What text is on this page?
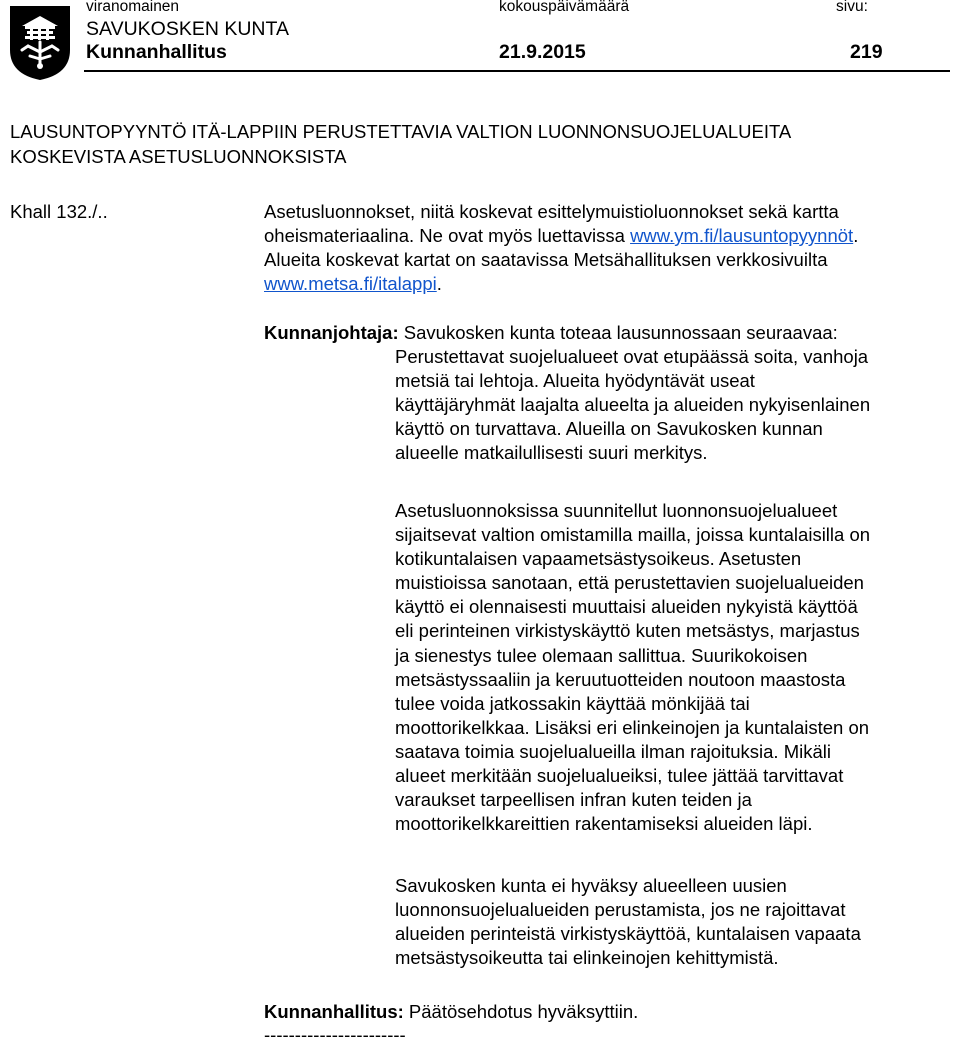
viranomainen	kokouspäivämäärä	sivu:
SAVUKOSKEN KUNTA
Kunnanhallitus	21.9.2015	219
LAUSUNTOPYYNTÖ ITÄ-LAPPIIN PERUSTETTAVIA VALTION LUONNONSUOJELUALUEITA
KOSKEVISTA ASETUSLUONNOKSISTA
Khall 132./..	Asetusluonnokset, niitä koskevat esittelymuistioluonnokset sekä kartta
oheismateriaalina. Ne ovat myös luettavissa www.ym.fi/lausuntopyynnöt.
Alueita koskevat kartat on saatavissa Metsähallituksen verkkosivuilta
www.metsa.fi/italappi.
Kunnanjohtaja: Savukosken kunta toteaa lausunnossaan seuraavaa:
Perustettavat suojelualueet ovat etupäässä soita, vanhoja
metsiä tai lehtoja. Alueita hyödyntävät useat
käyttäjäryhmät laajalta alueelta ja alueiden nykyisenlainen
käyttö on turvattava. Alueilla on Savukosken kunnan
alueelle matkailullisesti suuri merkitys.
Asetusluonnoksissa suunnitellut luonnonsuojelualueet
sijaitsevat valtion omistamilla mailla, joissa kuntalaisilla on
kotikuntalaisen vapaametsästysoikeus. Asetusten
muistioissa sanotaan, että perustettavien suojelualueiden
käyttö ei olennaisesti muuttaisi alueiden nykyistä käyttöä
eli perinteinen virkistyskäyttö kuten metsästys, marjastus
ja sienestys tulee olemaan sallittua. Suurikokoisen
metsästyssaaliin ja keruutuotteiden noutoon maastosta
tulee voida jatkossakin käyttää mönkijää tai
moottorikelkkaa. Lisäksi eri elinkeinojen ja kuntalaisten on
saatava toimia suojelualueilla ilman rajoituksia. Mikäli
alueet merkitään suojelualueiksi, tulee jättää tarvittavat
varaukset tarpeellisen infran kuten teiden ja
moottorikelkkareittien rakentamiseksi alueiden läpi.
Savukosken kunta ei hyväksy alueelleen uusien
luonnonsuojelualueiden perustamista, jos ne rajoittavat
alueiden perinteistä virkistyskäyttöä, kuntalaisen vapaata
metsästysoikeutta tai elinkeinojen kehittymistä.
Kunnanhallitus: Päätösehdotus hyväksyttiin.
-----------------------
